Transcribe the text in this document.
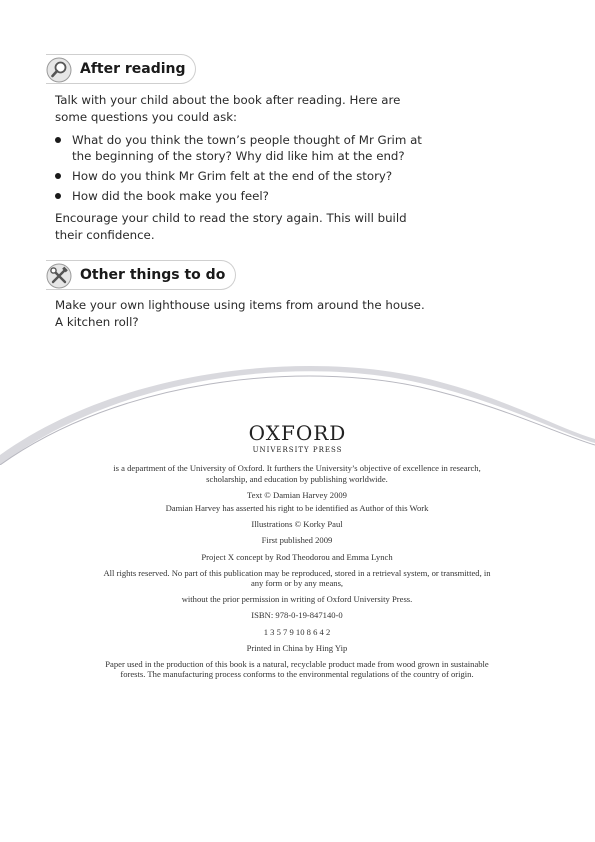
After reading

Talk with your child about the book after reading. Here are some questions you could ask:

What do you think the town’s people thought of Mr Grim at the beginning of the story? Why did like him at the end?
How do you think Mr Grim felt at the end of the story?
How did the book make you feel?

Encourage your child to read the story again. This will build their confidence.

Other things to do

Make your own lighthouse using items from around the house. A kitchen roll?

OXFORD
UNIVERSITY PRESS

is a department of the University of Oxford. It furthers the University’s objective of excellence in research, scholarship, and education by publishing worldwide.

Text © Damian Harvey 2009

Damian Harvey has asserted his right to be identified as Author of this Work

Illustrations © Korky Paul

First published 2009

Project X concept by Rod Theodorou and Emma Lynch

All rights reserved. No part of this publication may be reproduced, stored in a retrieval system, or transmitted, in any form or by any means,

without the prior permission in writing of Oxford University Press.

ISBN: 978-0-19-847140-0

1 3 5 7 9 10 8 6 4 2

Printed in China by Hing Yip

Paper used in the production of this book is a natural, recyclable product made from wood grown in sustainable forests. The manufacturing process conforms to the environmental regulations of the country of origin.
